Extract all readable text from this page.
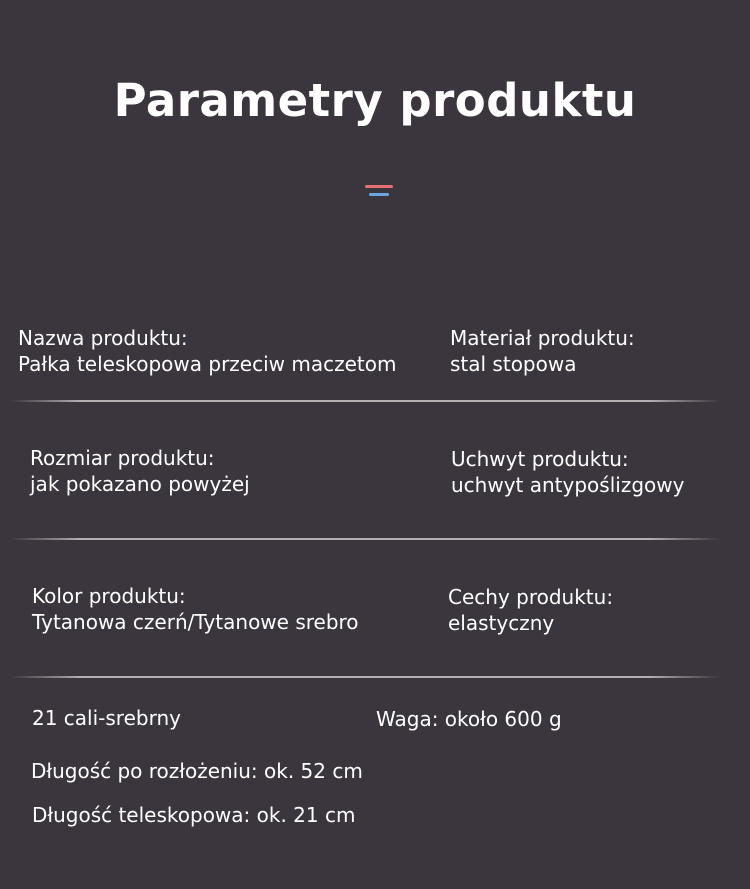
Parametry produktu
Nazwa produktu:
Pałka teleskopowa przeciw maczetom
Materiał produktu:
stal stopowa
Rozmiar produktu:
jak pokazano powyżej
Uchwyt produktu:
uchwyt antypoślizgowy
Kolor produktu:
Tytanowa czerń/Tytanowe srebro
Cechy produktu:
elastyczny
21 cali-srebrny	Waga: około 600 g
Długość po rozłożeniu: ok. 52 cm
Długość teleskopowa: ok. 21 cm
